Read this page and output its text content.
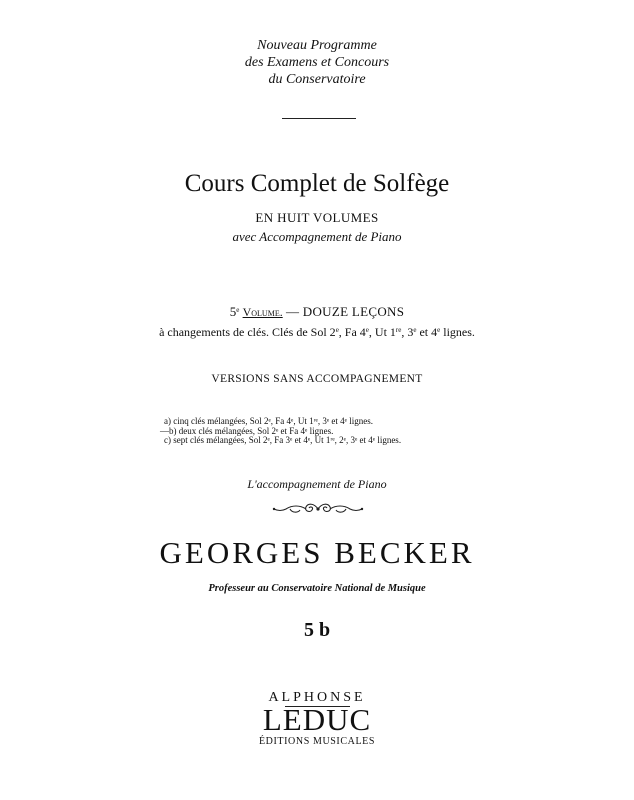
Nouveau Programme
des Examens et Concours
du Conservatoire
Cours Complet de Solfège
EN HUIT VOLUMES
avec Accompagnement de Piano
5e Volume. — DOUZE LEÇONS
à changements de clés. Clés de Sol 2e, Fa 4e, Ut 1re, 3e et 4e lignes.
VERSIONS SANS ACCOMPAGNEMENT
a) cinq clés mélangées, Sol 2ᵉ, Fa 4ᵉ, Ut 1ʳᵉ, 3ᵉ et 4ᵉ lignes.
—b) deux clés mélangées, Sol 2ᵉ et Fa 4ᵉ lignes.
c) sept clés mélangées, Sol 2ᵉ, Fa 3ᵉ et 4ᵉ, Ut 1ʳᵉ, 2ᵉ, 3ᵉ et 4ᵉ lignes.
L'accompagnement de Piano
GEORGES BECKER
Professeur au Conservatoire National de Musique
5 b
ALPHONSE
LEDUC
ÉDITIONS MUSICALES
